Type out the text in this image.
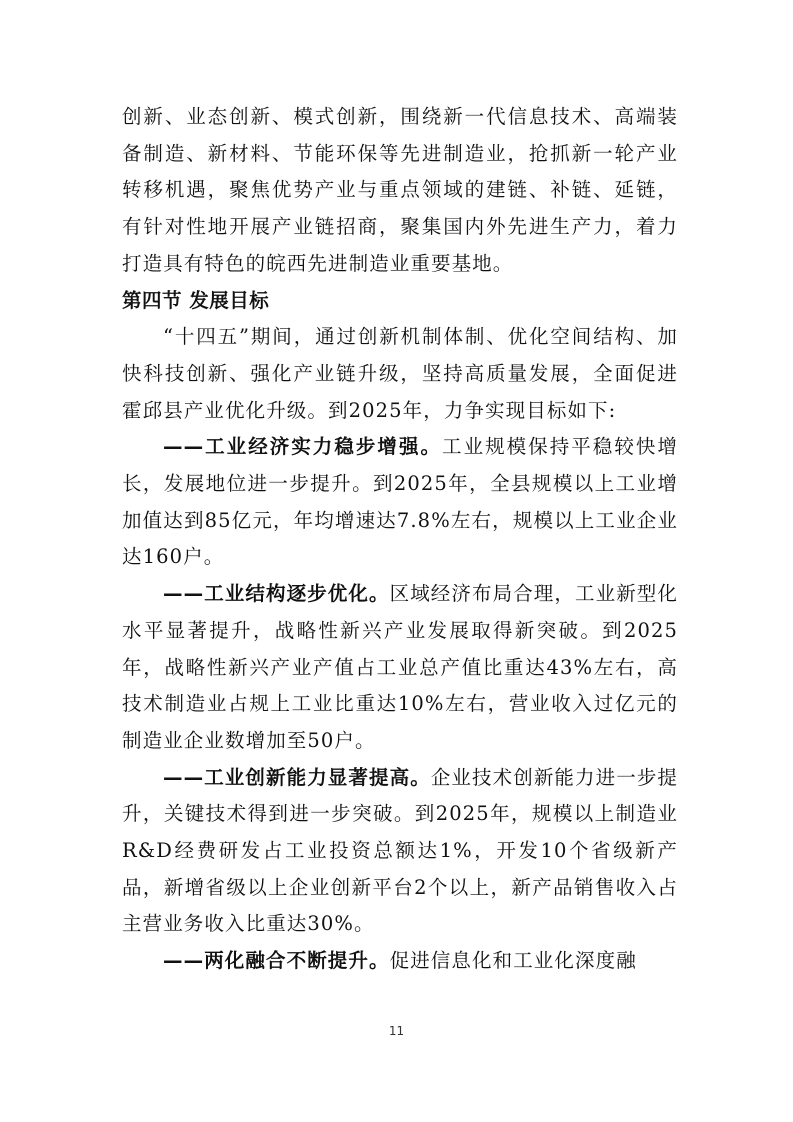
创新、业态创新、模式创新，围绕新一代信息技术、高端装备制造、新材料、节能环保等先进制造业，抢抓新一轮产业转移机遇，聚焦优势产业与重点领域的建链、补链、延链，有针对性地开展产业链招商，聚集国内外先进生产力，着力打造具有特色的皖西先进制造业重要基地。

第四节 发展目标

“十四五”期间，通过创新机制体制、优化空间结构、加快科技创新、强化产业链升级，坚持高质量发展，全面促进霍邱县产业优化升级。到2025年，力争实现目标如下:

——工业经济实力稳步增强。工业规模保持平稳较快增长，发展地位进一步提升。到2025年，全县规模以上工业增加值达到85亿元，年均增速达7.8%左右，规模以上工业企业达160户。

——工业结构逐步优化。区域经济布局合理，工业新型化水平显著提升，战略性新兴产业发展取得新突破。到2025年，战略性新兴产业产值占工业总产值比重达43%左右，高技术制造业占规上工业比重达10%左右，营业收入过亿元的制造业企业数增加至50户。

——工业创新能力显著提高。企业技术创新能力进一步提升，关键技术得到进一步突破。到2025年，规模以上制造业R&D经费研发占工业投资总额达1%，开发10个省级新产品，新增省级以上企业创新平台2个以上，新产品销售收入占主营业务收入比重达30%。

——两化融合不断提升。促进信息化和工业化深度融

11
